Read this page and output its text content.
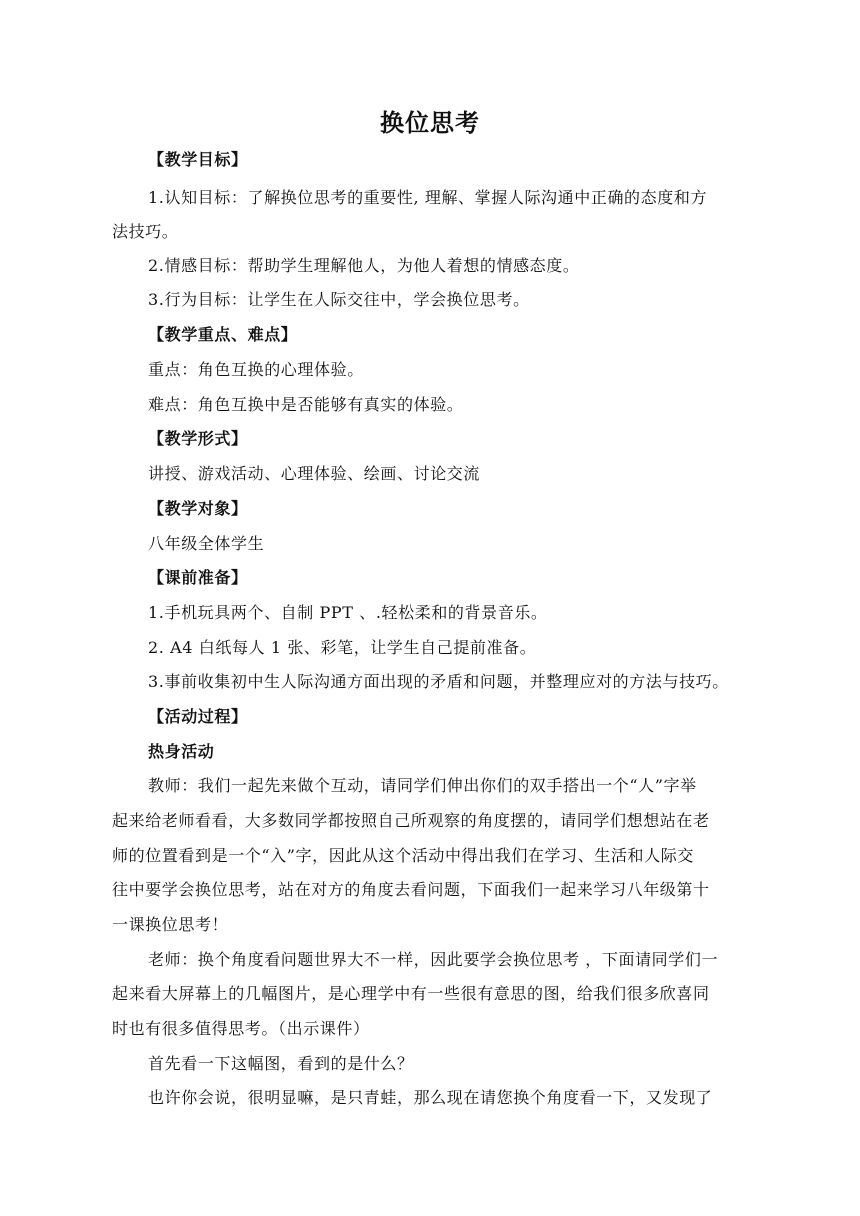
换位思考
【教学目标】
1.认知目标：了解换位思考的重要性, 理解、掌握人际沟通中正确的态度和方
法技巧。
2.情感目标：帮助学生理解他人，为他人着想的情感态度。
3.行为目标：让学生在人际交往中，学会换位思考。
【教学重点、难点】
重点：角色互换的心理体验。
难点：角色互换中是否能够有真实的体验。
【教学形式】
讲授、游戏活动、心理体验、绘画、讨论交流
【教学对象】
八年级全体学生
【课前准备】
1.手机玩具两个、自制 PPT 、.轻松柔和的背景音乐。
2. A4 白纸每人 1 张、彩笔，让学生自己提前准备。
3.事前收集初中生人际沟通方面出现的矛盾和问题，并整理应对的方法与技巧。
【活动过程】
热身活动
教师：我们一起先来做个互动，请同学们伸出你们的双手搭出一个“人”字举
起来给老师看看，大多数同学都按照自己所观察的角度摆的，请同学们想想站在老
师的位置看到是一个“入”字，因此从这个活动中得出我们在学习、生活和人际交
往中要学会换位思考，站在对方的角度去看问题，下面我们一起来学习八年级第十
一课换位思考！
老师：换个角度看问题世界大不一样，因此要学会换位思考 ，下面请同学们一
起来看大屏幕上的几幅图片，是心理学中有一些很有意思的图，给我们很多欣喜同
时也有很多值得思考。（出示课件）
首先看一下这幅图，看到的是什么？
也许你会说，很明显嘛，是只青蛙，那么现在请您换个角度看一下，又发现了
